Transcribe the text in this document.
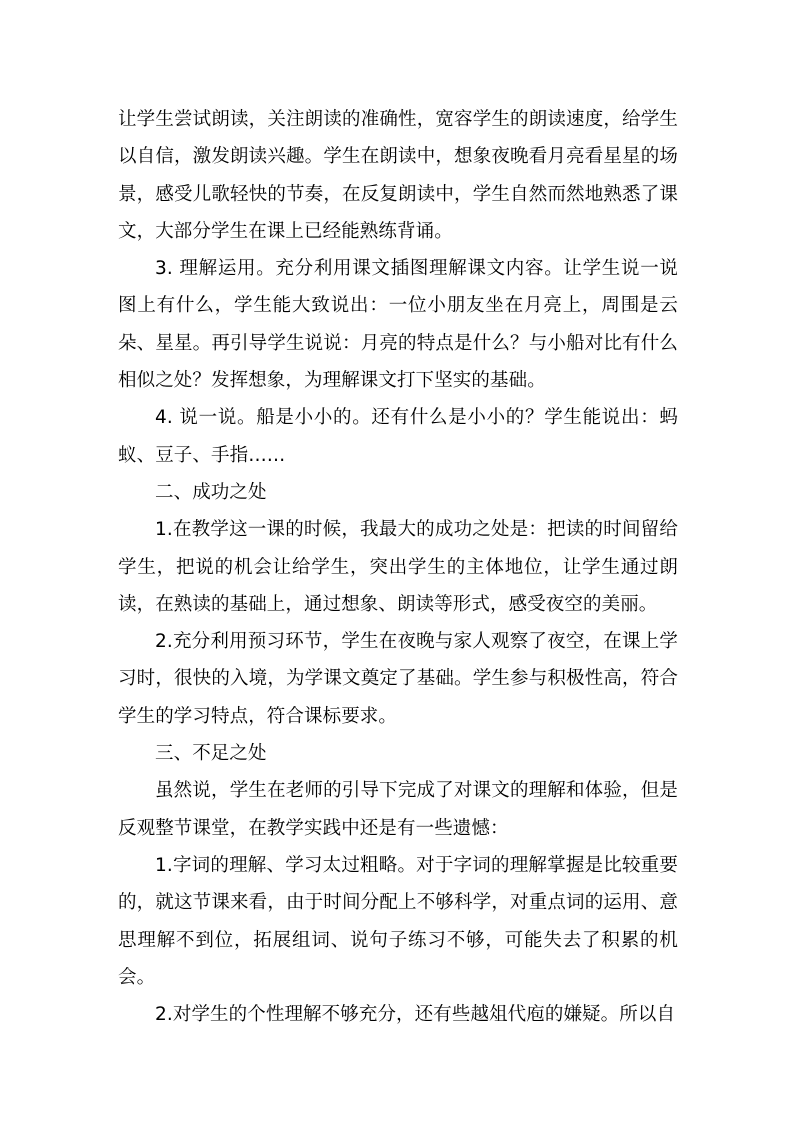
让学生尝试朗读，关注朗读的准确性，宽容学生的朗读速度，给学生以自信，激发朗读兴趣。学生在朗读中，想象夜晚看月亮看星星的场景，感受儿歌轻快的节奏，在反复朗读中，学生自然而然地熟悉了课文，大部分学生在课上已经能熟练背诵。

3. 理解运用。充分利用课文插图理解课文内容。让学生说一说图上有什么，学生能大致说出：一位小朋友坐在月亮上，周围是云朵、星星。再引导学生说说：月亮的特点是什么？与小船对比有什么相似之处？发挥想象，为理解课文打下坚实的基础。

4. 说一说。船是小小的。还有什么是小小的？学生能说出：蚂蚁、豆子、手指……

二、成功之处

1.在教学这一课的时候，我最大的成功之处是：把读的时间留给学生，把说的机会让给学生，突出学生的主体地位，让学生通过朗读，在熟读的基础上，通过想象、朗读等形式，感受夜空的美丽。

2.充分利用预习环节，学生在夜晚与家人观察了夜空，在课上学习时，很快的入境，为学课文奠定了基础。学生参与积极性高，符合学生的学习特点，符合课标要求。

三、不足之处

虽然说，学生在老师的引导下完成了对课文的理解和体验，但是反观整节课堂，在教学实践中还是有一些遗憾：

1.字词的理解、学习太过粗略。对于字词的理解掌握是比较重要的，就这节课来看，由于时间分配上不够科学，对重点词的运用、意思理解不到位，拓展组词、说句子练习不够，可能失去了积累的机会。

2.对学生的个性理解不够充分，还有些越俎代庖的嫌疑。所以自
